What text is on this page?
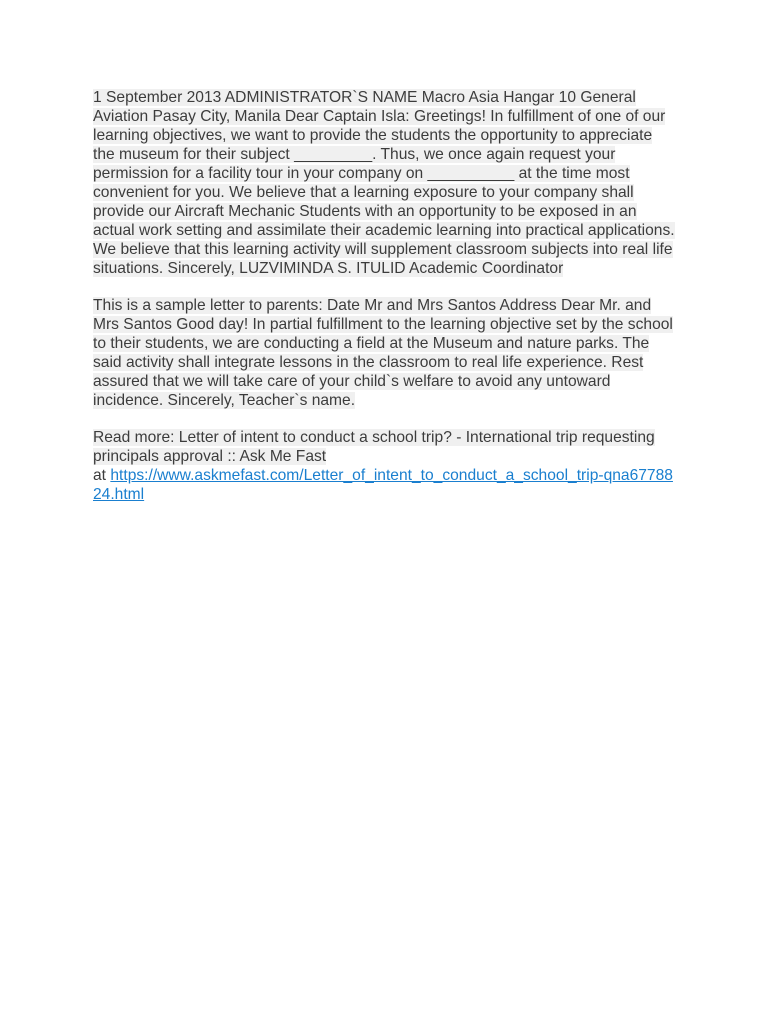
1 September 2013 ADMINISTRATOR`S NAME Macro Asia Hangar 10 General Aviation Pasay City, Manila Dear Captain Isla: Greetings! In fulfillment of one of our learning objectives, we want to provide the students the opportunity to appreciate the museum for their subject _________. Thus, we once again request your permission for a facility tour in your company on __________ at the time most convenient for you. We believe that a learning exposure to your company shall provide our Aircraft Mechanic Students with an opportunity to be exposed in an actual work setting and assimilate their academic learning into practical applications. We believe that this learning activity will supplement classroom subjects into real life situations. Sincerely, LUZVIMINDA S. ITULID Academic Coordinator

This is a sample letter to parents: Date Mr and Mrs Santos Address Dear Mr. and Mrs Santos Good day! In partial fulfillment to the learning objective set by the school to their students, we are conducting a field at the Museum and nature parks. The said activity shall integrate lessons in the classroom to real life experience. Rest assured that we will take care of your child`s welfare to avoid any untoward incidence. Sincerely, Teacher`s name.

Read more: Letter of intent to conduct a school trip? - International trip requesting principals approval :: Ask Me Fast
at https://www.askmefast.com/Letter_of_intent_to_conduct_a_school_trip-qna6778824.html
